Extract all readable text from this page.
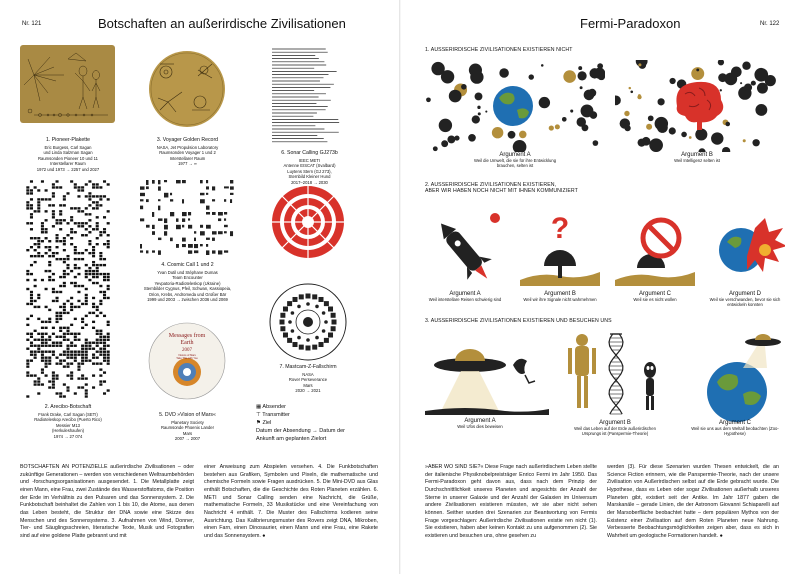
Nr. 121	Botschaften an außerirdische Zivilisationen
1. Pioneer-Plakette
Eric Burgess, Carl Sagan
und Linda Salzman Sagan
Raumsonden Pioneer 10 und 11
Interstellarer Raum
1972 und 1973 → 2257 und 2027
3. Voyager Golden Record
NASA, Jet Propulsion Laboratory
Raumsonden Voyager 1 und 2
Interstellarer Raum
1977 → ∞
6. Sonar Calling GJ273b
IEEC METI
Antenne EISCAT (Svalbard)
Luytens Stern (GJ 273),
Sternbild Kleiner Hund
2017–2018 → 2030
4. Cosmic Call 1 und 2
Yvan Dutil und Stéphane Dumas
Team Encounter
Yevpatoria-Radioteleskop (Ukraine)
Sternbilder Cygnus, Pfeil, Schwan, Kassiopeia,
Orion, Krebs, Andromeda und Großer Bär
1999 und 2003 → zwischen 2036 und 2069
2. Arecibo-Botschaft
Frank Drake, Carl Sagan (SETI)
Radioteleskop Arecibo (Puerto Rico)
Messier M13
(Herkuleshaufen)
1974 → 27 074
7. Mastcam-Z-Fallschirm
NASA
Rover Perseverance
Mars
2020 → 2021
Messages from
Earth
2007
Visions of Mars
Take This with You
5. DVD »Vision of Mars«
Planetary Society
Raumsonde Phoenix Lander
Mars
2007 → 2007
▦ Absender
⊤ Transmitter
⚑ Ziel
Datum der Absendung → Datum der
Ankunft am geplanten Zielort
BOTSCHAFTEN AN POTENZIELLE außerirdische Zivilisationen – oder zukünftige Generationen – werden von verschiedenen Weltraumbehörden und -forschungsorganisationen ausgesendet. 1. Die Metallplatte zeigt einen Mann, eine Frau, zwei Zustände des Wasserstoffatoms, die Position der Erde im Verhältnis zu den Pulsaren und das Sonnensystem. 2. Die Funkbotschaft beinhaltet die Zahlen von 1 bis 10, die Atome, aus denen das Leben besteht, die Struktur der DNA sowie eine Skizze des Menschen und des Sonnensystems. 3. Aufnahmen von Wind, Donner, Tier- und Säuglingsschreien, literarische Texte, Musik und Fotografien sind auf eine goldene Platte gebrannt und mit
einer Anweisung zum Abspielen versehen. 4. Die Funkbotschaften bestehen aus Grafiken, Symbolen und Pixeln, die mathematische und chemische Formeln sowie Fragen ausdrücken. 5. Die Mini-DVD aus Glas enthält Botschaften, die die Geschichte des Roten Planeten erzählen. 6. METI und Sonar Calling senden eine Nachricht, die Grüße, mathematische Formeln, 33 Musikstücke und eine Vereinfachung von Nachricht 4 enthält. 7. Die Muster des Fallschirms kodieren seine Ausrichtung. Das Kalibrierungsmuster des Rovers zeigt DNA, Mikroben, einen Farn, einen Dinosaurier, einen Mann und eine Frau, eine Rakete und das Sonnensystem. ●
Fermi-Paradoxon	Nr. 122
1. AUSSERIRDISCHE ZIVILISATIONEN EXISTIEREN NICHT
Argument A
Weil die Umwelt, die sie für ihre Entwicklung brauchen, selten ist
Argument B
Weil Intelligenz selten ist
2. AUSSERIRDISCHE ZIVILISATIONEN EXISTIEREN,
ABER WIR HABEN NOCH NICHT MIT IHNEN KOMMUNIZIERT
Argument A
Weil interstellare Reisen schwierig sind
?
Argument B
Weil wir ihre Signale nicht wahrnehmen
Argument C
Weil sie es nicht wollen
Argument D
Weil sie verschwanden, bevor sie sich entwickeln konnten
3. AUSSERIRDISCHE ZIVILISATIONEN EXISTIEREN UND BESUCHEN UNS
Argument A
Weil Ufos dies beweisen
Argument B
Weil das Leben auf der Erde außerirdischen Ursprungs ist (Panspermie-Theorie)
Argument C
Weil sie uns aus dem Weltall beobachten (Zoo-Hypothese)
»ABER WO SIND SIE?« Diese Frage nach außerirdischem Leben stellte der italienische Physiknobelpreisträger Enrico Fermi im Jahr 1950. Das Fermi-Paradoxon geht davon aus, dass nach dem Prinzip der Durchschnittlichkeit unseres Planeten und angesichts der Anzahl der Sterne in unserer Galaxie und der Anzahl der Galaxien im Universum andere Zivilisationen existieren müssten, wir sie aber nicht sehen können. Seither wurden drei Szenarien zur Beantwortung von Fermis Frage vorgeschlagen: Außerirdische Zivilisationen existie ren nicht (1). Sie existieren, haben aber keinen Kontakt zu uns aufgenommen (2). Sie existieren und besuchen uns, ohne gesehen zu
werden (3). Für diese Szenarien wurden Thesen entwickelt, die an Science Fiction erinnern, wie die Panspermie-Theorie, nach der unsere Zivilisation von Außerirdischen selbst auf die Erde gebracht wurde. Die Hypothese, dass es Leben oder sogar Zivilisationen außerhalb unseres Planeten gibt, existiert seit der Antike. Im Jahr 1877 gaben die Marskanäle – gerade Linien, die der Astronom Giovanni Schiaparelli auf der Marsoberfläche beobachtet hatte – dem populären Mythos von der Existenz einer Zivilisation auf dem Roten Planeten neue Nahrung. Verbesserte Beobachtungsmöglichkeiten zeigen aber, dass es sich in Wahrheit um geologische Formationen handelt. ●
